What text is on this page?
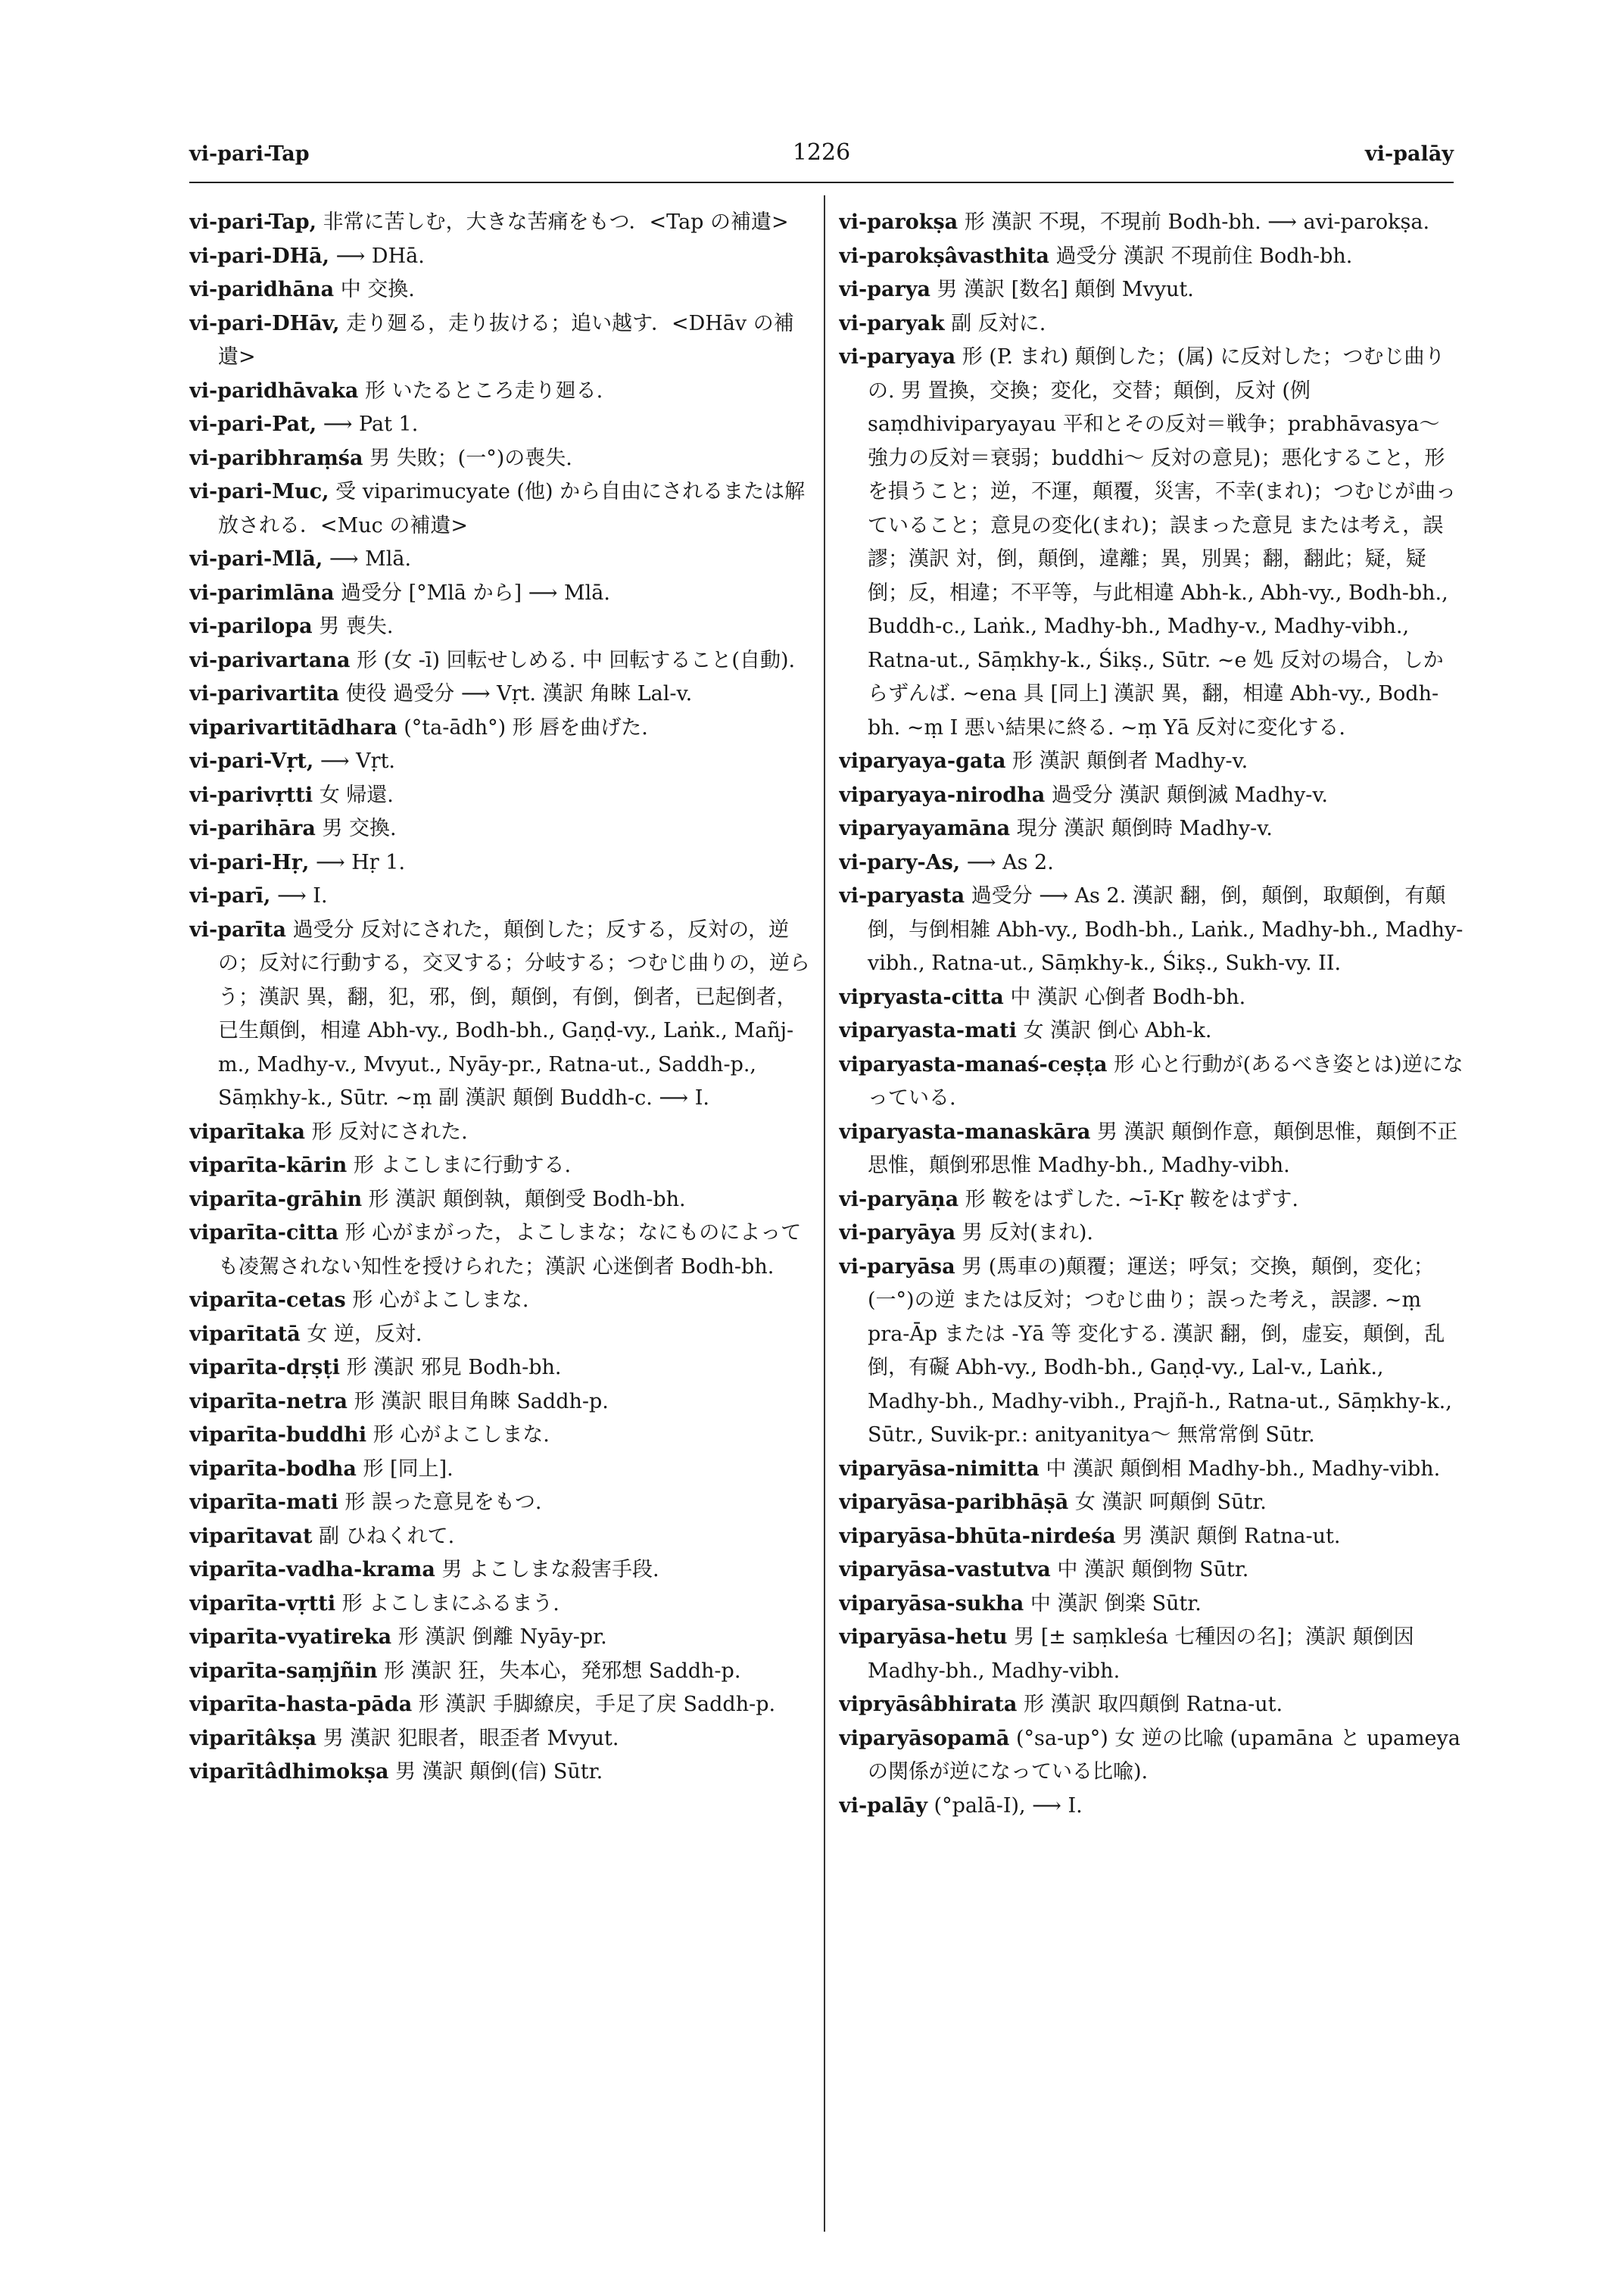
vi-pari-Tap	1226	vi-palāy

vi-pari-Tap, 非常に苦しむ，大きな苦痛をもつ．<Tap の補遺>

vi-pari-DHā, ⟶ DHā.

vi-paridhāna 中 交換.

vi-pari-DHāv, 走り廻る，走り抜ける；追い越す．<DHāv の補遺>

vi-paridhāvaka 形 いたるところ走り廻る.

vi-pari-Pat, ⟶ Pat 1.

vi-paribhraṃśa 男 失敗；(一°)の喪失.

vi-pari-Muc, 受 viparimucyate (他) から自由にされるまたは解放される．<Muc の補遺>

vi-pari-Mlā, ⟶ Mlā.

vi-parimlāna 過受分 [°Mlā から] ⟶ Mlā.

vi-parilopa 男 喪失.

vi-parivartana 形 (女 -ī) 回転せしめる. 中 回転すること(自動).

vi-parivartita 使役 過受分 ⟶ Vṛt. 漢訳 角睞 Lal-v.

viparivartitādhara (°ta-ādh°) 形 唇を曲げた.

vi-pari-Vṛt, ⟶ Vṛt.

vi-parivṛtti 女 帰還.

vi-parihāra 男 交換.

vi-pari-Hṛ, ⟶ Hṛ 1.

vi-parī, ⟶ I.

vi-parīta 過受分 反対にされた，顛倒した；反する，反対の，逆の；反対に行動する，交叉する；分岐する；つむじ曲りの，逆らう；漢訳 異，翻，犯，邪，倒，顛倒，有倒，倒者，已起倒者，已生顛倒，相違 Abh-vy., Bodh-bh., Gaṇḍ-vy., Laṅk., Mañj-m., Madhy-v., Mvyut., Nyāy-pr., Ratna-ut., Saddh-p., Sāṃkhy-k., Sūtr. ~ṃ 副 漢訳 顛倒 Buddh-c. ⟶ I.

viparītaka 形 反対にされた.

viparīta-kārin 形 よこしまに行動する.

viparīta-grāhin 形 漢訳 顛倒執，顛倒受 Bodh-bh.

viparīta-citta 形 心がまがった，よこしまな；なにものによっても凌駕されない知性を授けられた；漢訳 心迷倒者 Bodh-bh.

viparīta-cetas 形 心がよこしまな.

viparītatā 女 逆，反対.

viparīta-dṛṣṭi 形 漢訳 邪見 Bodh-bh.

viparīta-netra 形 漢訳 眼目角睞 Saddh-p.

viparīta-buddhi 形 心がよこしまな.

viparīta-bodha 形 [同上].

viparīta-mati 形 誤った意見をもつ.

viparītavat 副 ひねくれて.

viparīta-vadha-krama 男 よこしまな殺害手段.

viparīta-vṛtti 形 よこしまにふるまう.

viparīta-vyatireka 形 漢訳 倒離 Nyāy-pr.

viparīta-saṃjñin 形 漢訳 狂，失本心，発邪想 Saddh-p.

viparīta-hasta-pāda 形 漢訳 手脚繚戻，手足了戻 Saddh-p.

viparītâkṣa 男 漢訳 犯眼者，眼歪者 Mvyut.

viparītâdhimokṣa 男 漢訳 顛倒(信) Sūtr.

vi-parokṣa 形 漢訳 不現，不現前 Bodh-bh. ⟶ avi-parokṣa.

vi-parokṣâvasthita 過受分 漢訳 不現前住 Bodh-bh.

vi-parya 男 漢訳 [数名] 顛倒 Mvyut.

vi-paryak 副 反対に.

vi-paryaya 形 (P. まれ) 顛倒した；(属) に反対した；つむじ曲りの. 男 置換，交換；変化，交替；顛倒，反対 (例 saṃdhiviparyayau 平和とその反対＝戦争；prabhāvasya～ 強力の反対＝衰弱；buddhi～ 反対の意見)；悪化すること，形を損うこと；逆，不運，顛覆，災害，不幸(まれ)；つむじが曲っていること；意見の変化(まれ)；誤まった意見 または考え，誤謬；漢訳 対，倒，顛倒，違離；異，別異；翻，翻此；疑，疑倒；反，相違；不平等，与此相違 Abh-k., Abh-vy., Bodh-bh., Buddh-c., Laṅk., Madhy-bh., Madhy-v., Madhy-vibh., Ratna-ut., Sāṃkhy-k., Śikṣ., Sūtr. ~e 処 反対の場合，しからずんば. ~ena 具 [同上] 漢訳 異，翻，相違 Abh-vy., Bodh-bh. ~ṃ I 悪い結果に終る. ~ṃ Yā 反対に変化する.

viparyaya-gata 形 漢訳 顛倒者 Madhy-v.

viparyaya-nirodha 過受分 漢訳 顛倒滅 Madhy-v.

viparyayamāna 現分 漢訳 顛倒時 Madhy-v.

vi-pary-As, ⟶ As 2.

vi-paryasta 過受分 ⟶ As 2. 漢訳 翻，倒，顛倒，取顛倒，有顛倒，与倒相雑 Abh-vy., Bodh-bh., Laṅk., Madhy-bh., Madhy-vibh., Ratna-ut., Sāṃkhy-k., Śikṣ., Sukh-vy. II.

vipryasta-citta 中 漢訳 心倒者 Bodh-bh.

viparyasta-mati 女 漢訳 倒心 Abh-k.

viparyasta-manaś-ceṣṭa 形 心と行動が(あるべき姿とは)逆になっている.

viparyasta-manaskāra 男 漢訳 顛倒作意，顛倒思惟，顛倒不正思惟，顛倒邪思惟 Madhy-bh., Madhy-vibh.

vi-paryāṇa 形 鞍をはずした. ~ī-Kṛ 鞍をはずす.

vi-paryāya 男 反対(まれ).

vi-paryāsa 男 (馬車の)顛覆；運送；呼気；交換，顛倒，変化；(一°)の逆 または反対；つむじ曲り；誤った考え，誤謬. ~ṃ pra-Āp または -Yā 等 変化する. 漢訳 翻，倒，虚妄，顛倒，乱倒，有礙 Abh-vy., Bodh-bh., Gaṇḍ-vy., Lal-v., Laṅk., Madhy-bh., Madhy-vibh., Prajñ-h., Ratna-ut., Sāṃkhy-k., Sūtr., Suvik-pr.: anityanitya～ 無常常倒 Sūtr.

viparyāsa-nimitta 中 漢訳 顛倒相 Madhy-bh., Madhy-vibh.

viparyāsa-paribhāṣā 女 漢訳 呵顛倒 Sūtr.

viparyāsa-bhūta-nirdeśa 男 漢訳 顛倒 Ratna-ut.

viparyāsa-vastutva 中 漢訳 顛倒物 Sūtr.

viparyāsa-sukha 中 漢訳 倒楽 Sūtr.

viparyāsa-hetu 男 [± saṃkleśa 七種因の名]；漢訳 顛倒因 Madhy-bh., Madhy-vibh.

vipryāsâbhirata 形 漢訳 取四顛倒 Ratna-ut.

viparyāsopamā (°sa-up°) 女 逆の比喩 (upamāna と upameya の関係が逆になっている比喩).

vi-palāy (°palā-I), ⟶ I.
